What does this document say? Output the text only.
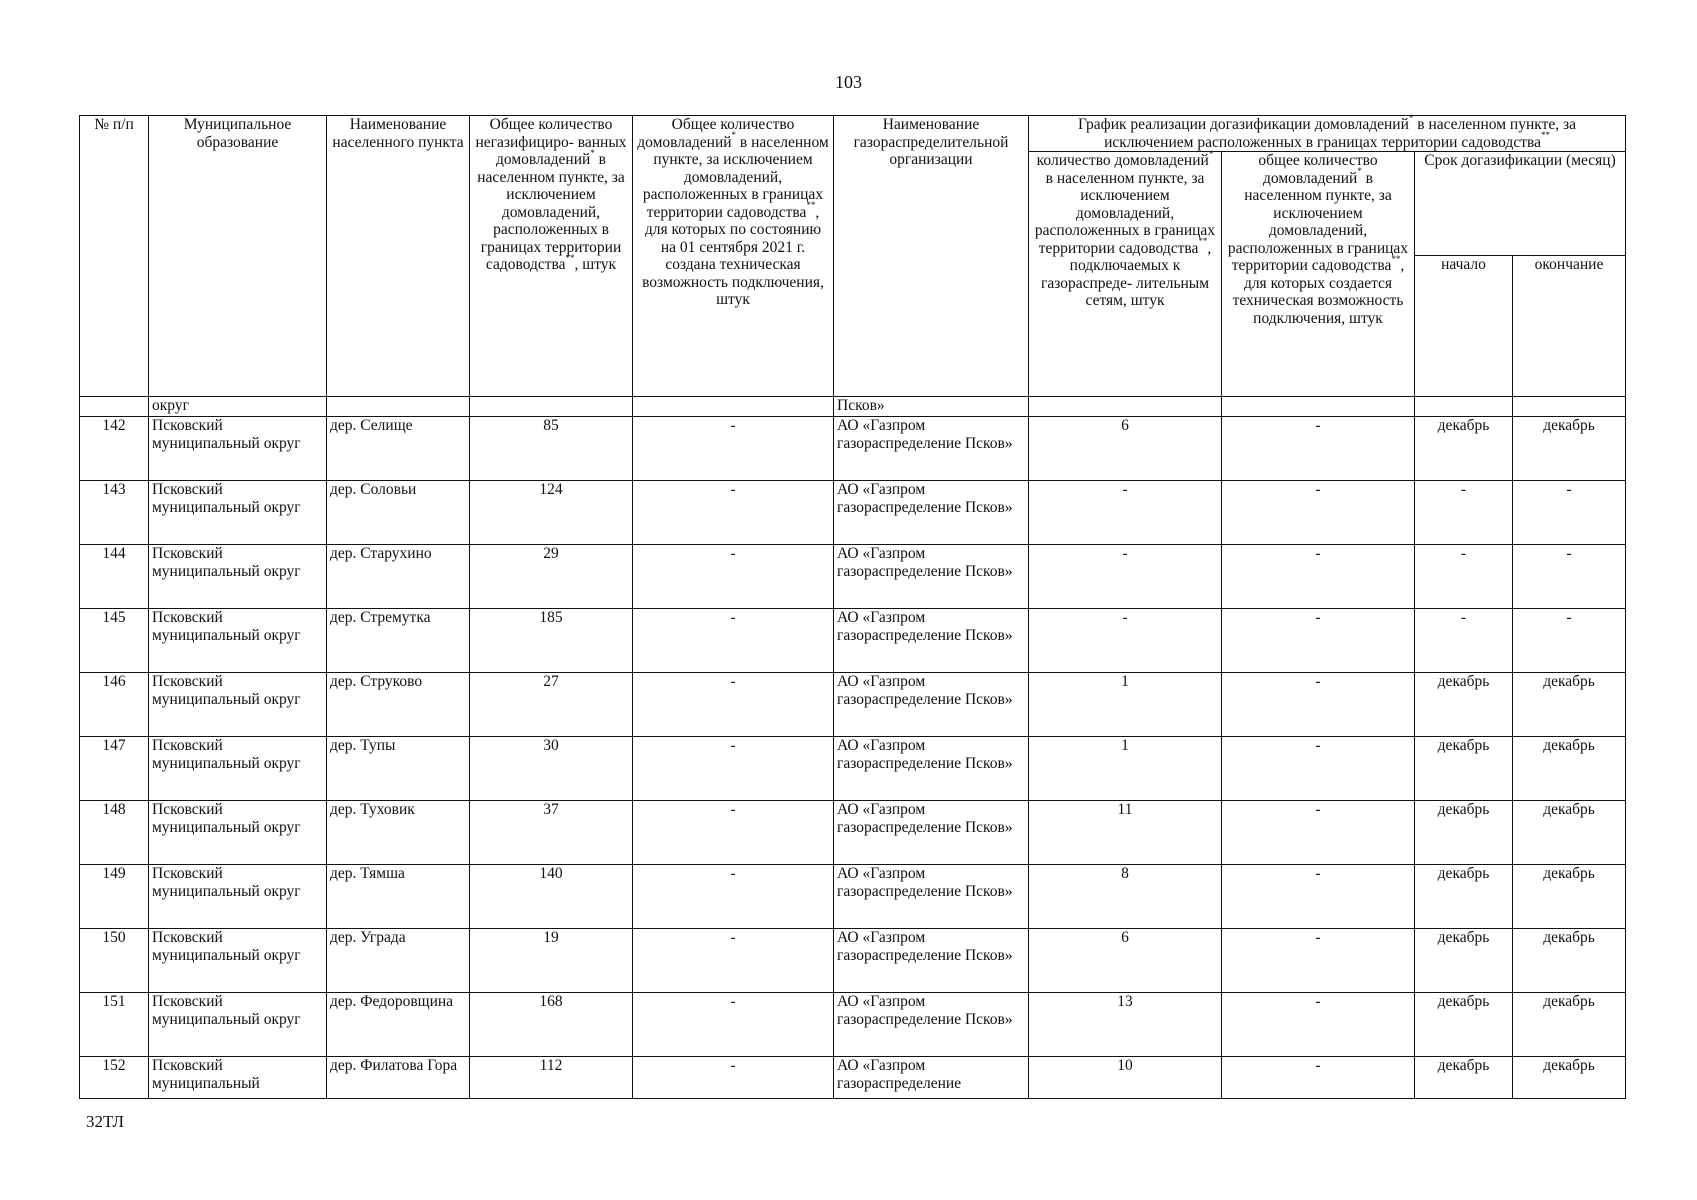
103
№ п/п	Муниципальное образование	Наименование населенного пункта	Общее количество негазифициро- ванных домовладений* в населенном пункте, за исключением домовладений, расположенных в границах территории садоводства**, штук	Общее количество домовладений* в населенном пункте, за исключением домовладений, расположенных в границах территории садоводства**, для которых по состоянию на 01 сентября 2021 г. создана техническая возможность подключения, штук	Наименование газораспределительной организации	График реализации догазификации домовладений* в населенном пункте, за исключением расположенных в границах территории садоводства**
						количество домовладений* в населенном пункте, за исключением домовладений, расположенных в границах территории садоводства**, подключаемых к газораспреде- лительным сетям, штук	общее количество домовладений* в населенном пункте, за исключением домовладений, расположенных в границах территории садоводства**, для которых создается техническая возможность подключения, штук	Срок догазификации (месяц)	
								начало	окончание
	округ				Псков»				
142	Псковский муниципальный округ	дер. Селище	85	-	АО «Газпром газораспределение Псков»	6	-	декабрь	декабрь
143	Псковский муниципальный округ	дер. Соловьи	124	-	АО «Газпром газораспределение Псков»	-	-	-	-
144	Псковский муниципальный округ	дер. Старухино	29	-	АО «Газпром газораспределение Псков»	-	-	-	-
145	Псковский муниципальный округ	дер. Стремутка	185	-	АО «Газпром газораспределение Псков»	-	-	-	-
146	Псковский муниципальный округ	дер. Струково	27	-	АО «Газпром газораспределение Псков»	1	-	декабрь	декабрь
147	Псковский муниципальный округ	дер. Тупы	30	-	АО «Газпром газораспределение Псков»	1	-	декабрь	декабрь
148	Псковский муниципальный округ	дер. Туховик	37	-	АО «Газпром газораспределение Псков»	11	-	декабрь	декабрь
149	Псковский муниципальный округ	дер. Тямша	140	-	АО «Газпром газораспределение Псков»	8	-	декабрь	декабрь
150	Псковский муниципальный округ	дер. Уграда	19	-	АО «Газпром газораспределение Псков»	6	-	декабрь	декабрь
151	Псковский муниципальный округ	дер. Федоровщина	168	-	АО «Газпром газораспределение Псков»	13	-	декабрь	декабрь
152	Псковский муниципальный	дер. Филатова Гора	112	-	АО «Газпром газораспределение	10	-	декабрь	декабрь
32ТЛ
